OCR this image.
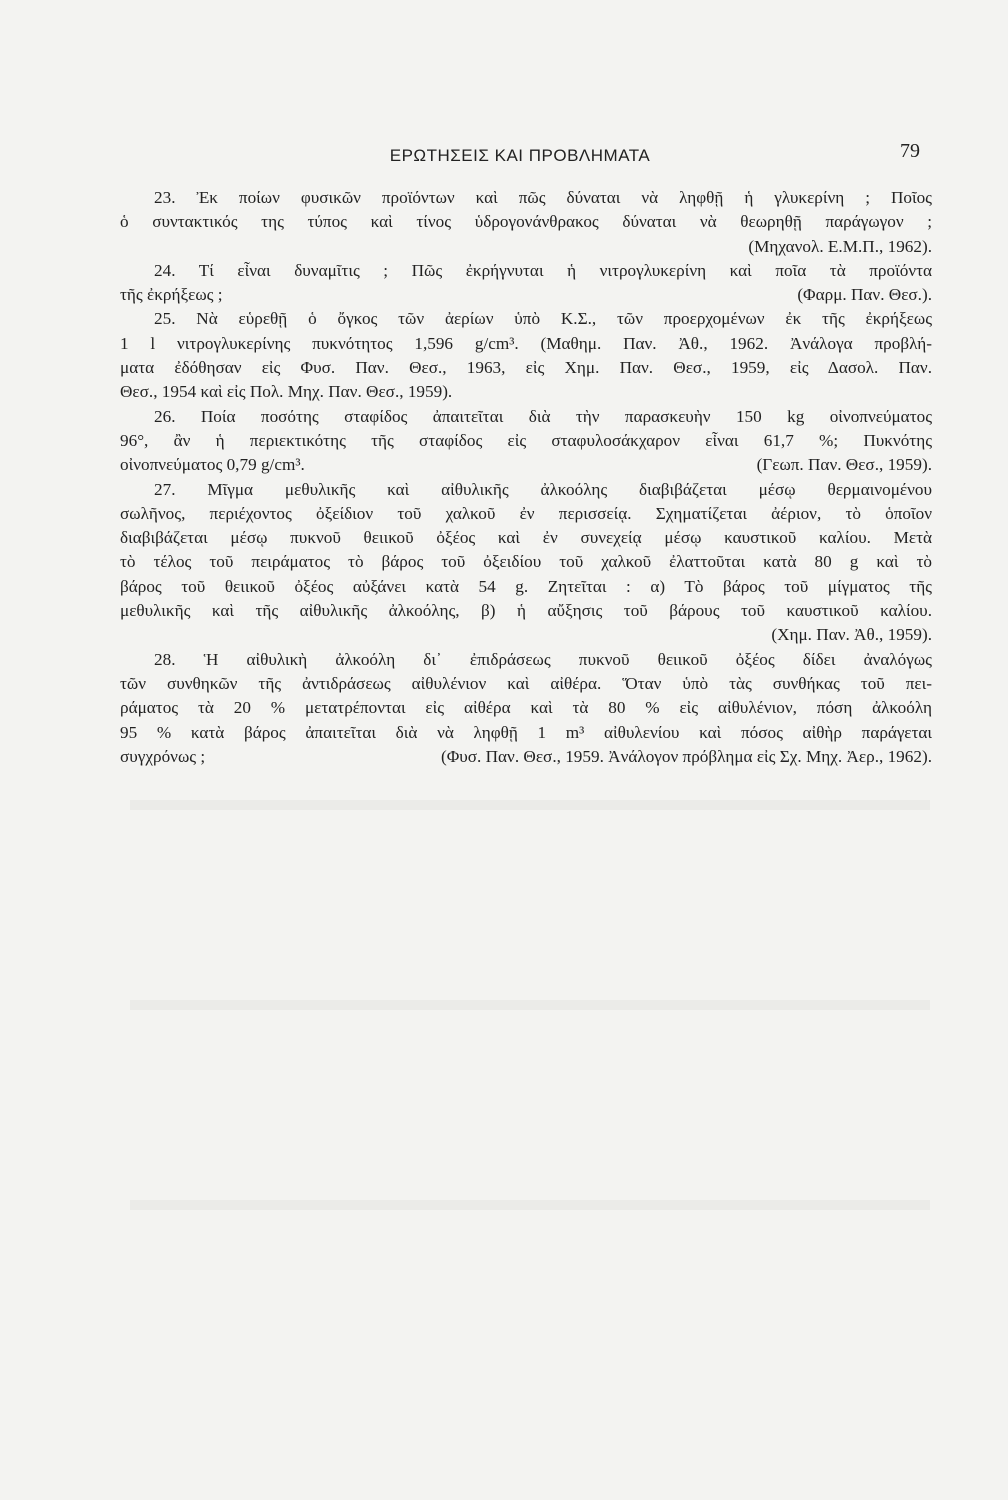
ΕΡΩΤΗΣΕΙΣ ΚΑΙ ΠΡΟΒΛΗΜΑΤΑ	79
23. Ἐκ ποίων φυσικῶν προϊόντων καὶ πῶς δύναται νὰ ληφθῇ ἡ γλυκερίνη ; Ποῖος
ὁ συντακτικός της τύπος καὶ τίνος ὑδρογονάνθρακος δύναται νὰ θεωρηθῇ παράγωγον ;
(Μηχανολ. Ε.Μ.Π., 1962).
24. Τί εἶναι δυναμῖτις ; Πῶς ἐκρήγνυται ἡ νιτρογλυκερίνη καὶ ποῖα τὰ προϊόντα
τῆς ἐκρήξεως ;	(Φαρμ. Παν. Θεσ.).
25. Νὰ εὑρεθῇ ὁ ὄγκος τῶν ἀερίων ὑπὸ Κ.Σ., τῶν προερχομένων ἐκ τῆς ἐκρήξεως
1 l νιτρογλυκερίνης πυκνότητος 1,596 g/cm³. (Μαθημ. Παν. Ἀθ., 1962. Ἀνάλογα προβλή-
ματα ἐδόθησαν εἰς Φυσ. Παν. Θεσ., 1963, εἰς Χημ. Παν. Θεσ., 1959, εἰς Δασολ. Παν.
Θεσ., 1954 καὶ εἰς Πολ. Μηχ. Παν. Θεσ., 1959).
26. Ποία ποσότης σταφίδος ἀπαιτεῖται διὰ τὴν παρασκευὴν 150 kg οἰνοπνεύματος
96°, ἂν ἡ περιεκτικότης τῆς σταφίδος εἰς σταφυλοσάκχαρον εἶναι 61,7 %; Πυκνότης
οἰνοπνεύματος 0,79 g/cm³.	(Γεωπ. Παν. Θεσ., 1959).
27. Μῖγμα μεθυλικῆς καὶ αἰθυλικῆς ἀλκοόλης διαβιβάζεται μέσῳ θερμαινομένου
σωλῆνος, περιέχοντος ὀξείδιον τοῦ χαλκοῦ ἐν περισσείᾳ. Σχηματίζεται ἀέριον, τὸ ὁποῖον
διαβιβάζεται μέσῳ πυκνοῦ θειικοῦ ὀξέος καὶ ἐν συνεχείᾳ μέσῳ καυστικοῦ καλίου. Μετὰ
τὸ τέλος τοῦ πειράματος τὸ βάρος τοῦ ὀξειδίου τοῦ χαλκοῦ ἐλαττοῦται κατὰ 80 g καὶ τὸ
βάρος τοῦ θειικοῦ ὀξέος αὐξάνει κατὰ 54 g. Ζητεῖται : α) Τὸ βάρος τοῦ μίγματος τῆς
μεθυλικῆς καὶ τῆς αἰθυλικῆς ἀλκοόλης, β) ἡ αὔξησις τοῦ βάρους τοῦ καυστικοῦ καλίου.
(Χημ. Παν. Ἀθ., 1959).
28. Ἡ αἰθυλικὴ ἀλκοόλη δι᾿ ἐπιδράσεως πυκνοῦ θειικοῦ ὀξέος δίδει ἀναλόγως
τῶν συνθηκῶν τῆς ἀντιδράσεως αἰθυλένιον καὶ αἰθέρα. Ὅταν ὑπὸ τὰς συνθήκας τοῦ πει-
ράματος τὰ 20 % μετατρέπονται εἰς αἰθέρα καὶ τὰ 80 % εἰς αἰθυλένιον, πόση ἀλκοόλη
95 % κατὰ βάρος ἀπαιτεῖται διὰ νὰ ληφθῇ 1 m³ αἰθυλενίου καὶ πόσος αἰθὴρ παράγεται
συγχρόνως ;	(Φυσ. Παν. Θεσ., 1959. Ἀνάλογον πρόβλημα εἰς Σχ. Μηχ. Ἀερ., 1962).
